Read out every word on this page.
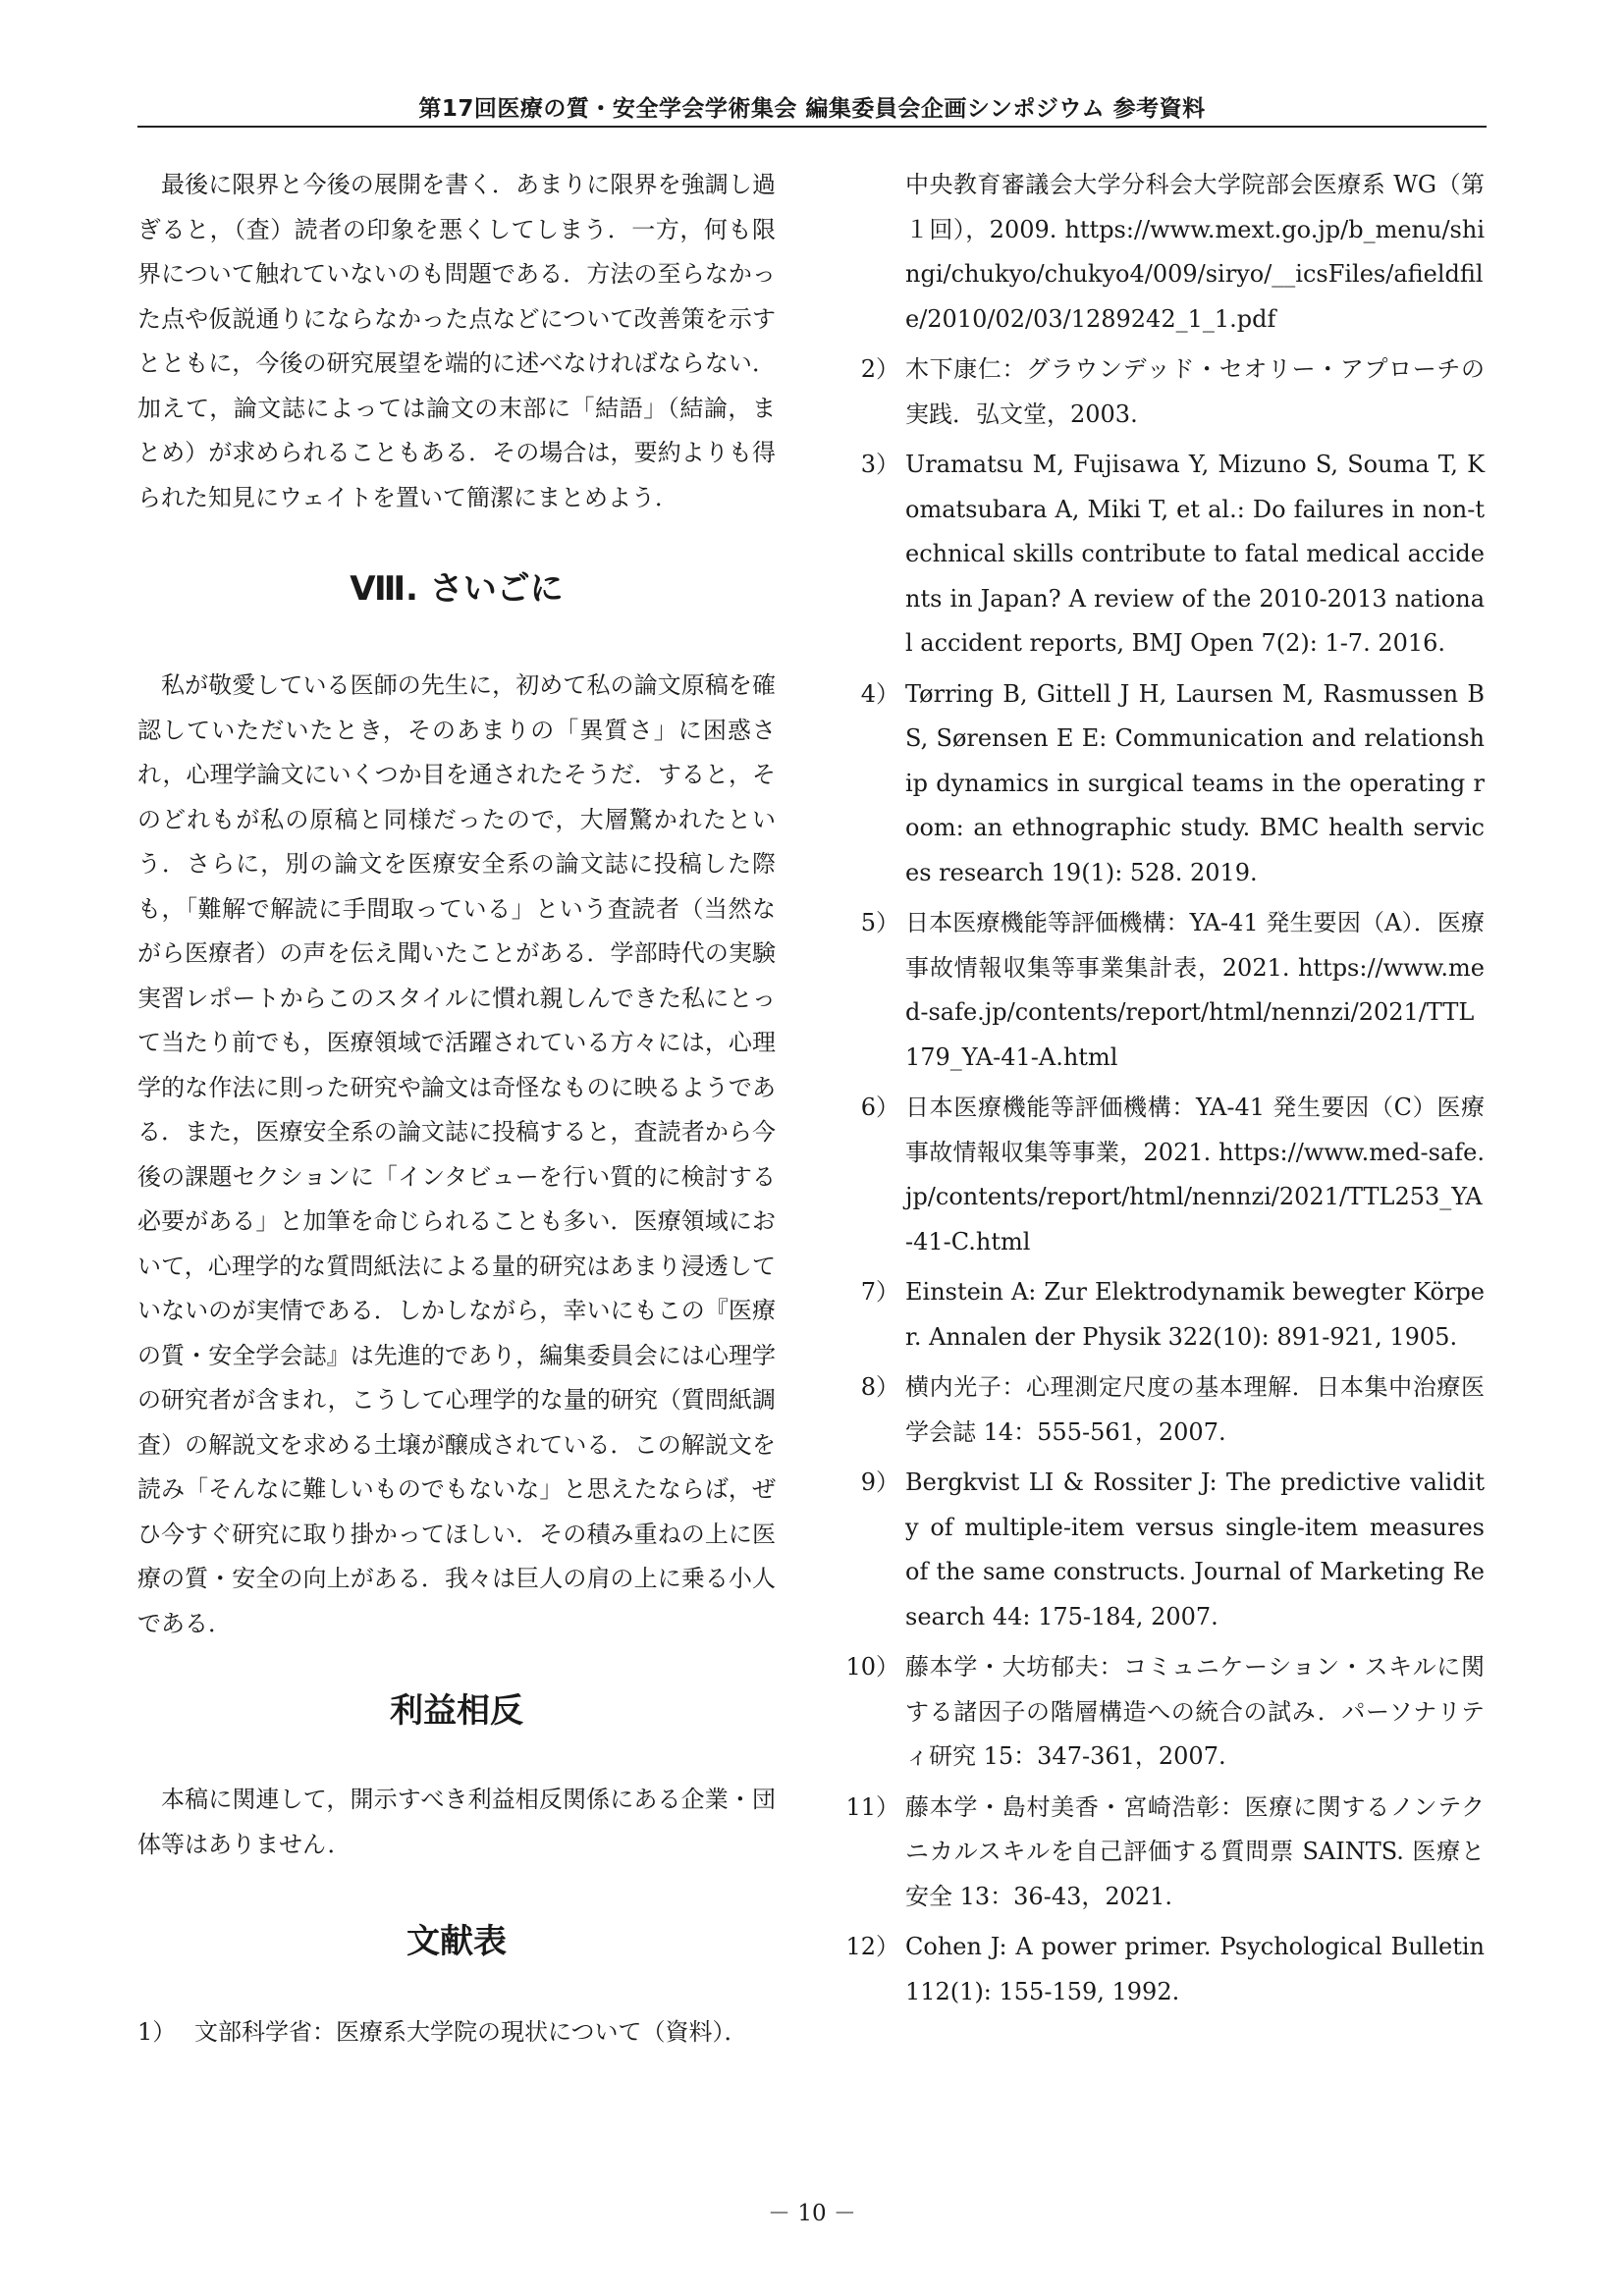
第17回医療の質・安全学会学術集会 編集委員会企画シンポジウム 参考資料

最後に限界と今後の展開を書く．あまりに限界を強調し過ぎると，（査）読者の印象を悪くしてしまう．一方，何も限界について触れていないのも問題である．方法の至らなかった点や仮説通りにならなかった点などについて改善策を示すとともに，今後の研究展望を端的に述べなければならない．加えて，論文誌によっては論文の末部に「結語」（結論，まとめ）が求められることもある．その場合は，要約よりも得られた知見にウェイトを置いて簡潔にまとめよう．

Ⅷ. さいごに

私が敬愛している医師の先生に，初めて私の論文原稿を確認していただいたとき，そのあまりの「異質さ」に困惑され，心理学論文にいくつか目を通されたそうだ．すると，そのどれもが私の原稿と同様だったので，大層驚かれたという．さらに，別の論文を医療安全系の論文誌に投稿した際も，「難解で解読に手間取っている」という査読者（当然ながら医療者）の声を伝え聞いたことがある．学部時代の実験実習レポートからこのスタイルに慣れ親しんできた私にとって当たり前でも，医療領域で活躍されている方々には，心理学的な作法に則った研究や論文は奇怪なものに映るようである．また，医療安全系の論文誌に投稿すると，査読者から今後の課題セクションに「インタビューを行い質的に検討する必要がある」と加筆を命じられることも多い．医療領域において，心理学的な質問紙法による量的研究はあまり浸透していないのが実情である．しかしながら，幸いにもこの『医療の質・安全学会誌』は先進的であり，編集委員会には心理学の研究者が含まれ，こうして心理学的な量的研究（質問紙調査）の解説文を求める土壌が醸成されている．この解説文を読み「そんなに難しいものでもないな」と思えたならば，ぜひ今すぐ研究に取り掛かってほしい．その積み重ねの上に医療の質・安全の向上がある．我々は巨人の肩の上に乗る小人である．

利益相反

本稿に関連して，開示すべき利益相反関係にある企業・団体等はありません．

文献表
1） 文部科学省：医療系大学院の現状について（資料）．
中央教育審議会大学分科会大学院部会医療系 WG（第１回），2009. https://www.mext.go.jp/b_menu/shingi/chukyo/chukyo4/009/siryo/__icsFiles/afieldfile/2010/02/03/1289242_1_1.pdf
2） 木下康仁：グラウンデッド・セオリー・アプローチの実践．弘文堂，2003.
3） Uramatsu M, Fujisawa Y, Mizuno S, Souma T, Komatsubara A, Miki T, et al.: Do failures in non-technical skills contribute to fatal medical accidents in Japan? A review of the 2010-2013 national accident reports, BMJ Open 7(2): 1-7. 2016.
4） Tørring B, Gittell J H, Laursen M, Rasmussen B S, Sørensen E E: Communication and relationship dynamics in surgical teams in the operating room: an ethnographic study. BMC health services research 19(1): 528. 2019.
5） 日本医療機能等評価機構：YA-41 発生要因（A）．医療事故情報収集等事業集計表，2021. https://www.med-safe.jp/contents/report/html/nennzi/2021/TTL179_YA-41-A.html
6） 日本医療機能等評価機構：YA-41 発生要因（C）医療事故情報収集等事業，2021. https://www.med-safe.jp/contents/report/html/nennzi/2021/TTL253_YA-41-C.html
7） Einstein A: Zur Elektrodynamik bewegter Körper. Annalen der Physik 322(10): 891-921, 1905.
8） 横内光子：心理測定尺度の基本理解．日本集中治療医学会誌 14：555-561，2007.
9） Bergkvist LI & Rossiter J: The predictive validity of multiple-item versus single-item measures of the same constructs. Journal of Marketing Research 44: 175-184, 2007.
10） 藤本学・大坊郁夫：コミュニケーション・スキルに関する諸因子の階層構造への統合の試み．パーソナリティ研究 15：347-361，2007.
11） 藤本学・島村美香・宮崎浩彰：医療に関するノンテクニカルスキルを自己評価する質問票 SAINTS. 医療と安全 13：36-43，2021.
12） Cohen J: A power primer. Psychological Bulletin 112(1): 155-159, 1992.
－ 10 －
